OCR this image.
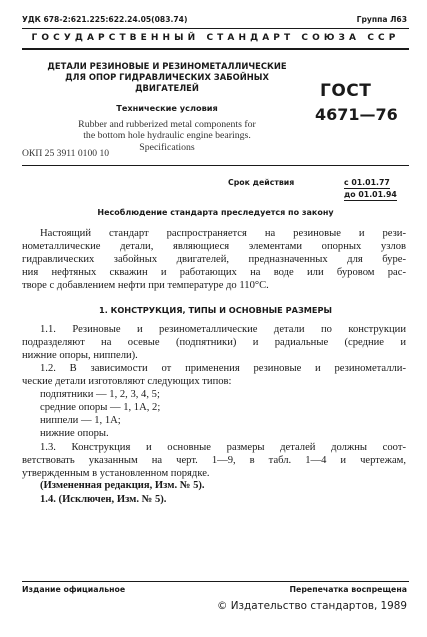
УДК 678-2:621.225:622.24.05(083.74)	Группа Л63
ГОСУДАРСТВЕННЫЙ СТАНДАРТ СОЮЗА ССР
ДЕТАЛИ РЕЗИНОВЫЕ И РЕЗИНОМЕТАЛЛИЧЕСКИЕ
ДЛЯ ОПОР ГИДРАВЛИЧЕСКИХ ЗАБОЙНЫХ
ДВИГАТЕЛЕЙ
Технические условия
Rubber and rubberized metal components for
the bottom hole hydraulic engine bearings.
Specifications
ОКП 25 3911 0100 10
ГОСТ
4671—76
Срок действия	с 01.01.77
до 01.01.94
Несоблюдение стандарта преследуется по закону
Настоящий стандарт распространяется на резиновые и рези-
нометаллические детали, являющиеся элементами опорных узлов
гидравлических забойных двигателей, предназначенных для буре-
ния нефтяных скважин и работающих на воде или буровом рас-
творе с добавлением нефти при температуре до 110°С.
1. КОНСТРУКЦИЯ, ТИПЫ И ОСНОВНЫЕ РАЗМЕРЫ
1.1. Резиновые и резинометаллические детали по конструкции
подразделяют на осевые (подпятники) и радиальные (средние и
нижние опоры, ниппели).
1.2. В зависимости от применения резиновые и резинометалли-
ческие детали изготовляют следующих типов:
подпятники — 1, 2, 3, 4, 5;
средние опоры — 1, 1А, 2;
ниппели — 1, 1А;
нижние опоры.
1.3. Конструкция и основные размеры деталей должны соот-
ветствовать указанным на черт. 1—9, в табл. 1—4 и чертежам,
утвержденным в установленном порядке.
(Измененная редакция, Изм. № 5).
1.4. (Исключен, Изм. № 5).
Издание официальное	Перепечатка воспрещена
© Издательство стандартов, 1989
